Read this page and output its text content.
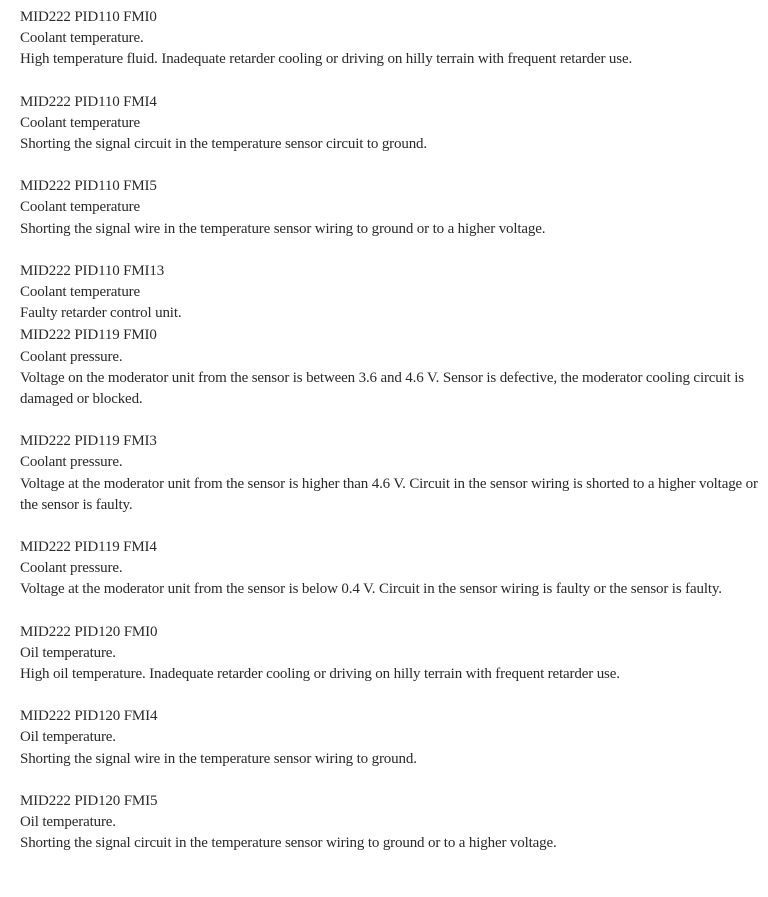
MID222 PID110 FMI0
Coolant temperature.
High temperature fluid. Inadequate retarder cooling or driving on hilly terrain with frequent retarder use.
MID222 PID110 FMI4
Coolant temperature
Shorting the signal circuit in the temperature sensor circuit to ground.
MID222 PID110 FMI5
Coolant temperature
Shorting the signal wire in the temperature sensor wiring to ground or to a higher voltage.
MID222 PID110 FMI13
Coolant temperature
Faulty retarder control unit.
MID222 PID119 FMI0
Coolant pressure.
Voltage on the moderator unit from the sensor is between 3.6 and 4.6 V. Sensor is defective, the moderator cooling circuit is damaged or blocked.
MID222 PID119 FMI3
Coolant pressure.
Voltage at the moderator unit from the sensor is higher than 4.6 V. Circuit in the sensor wiring is shorted to a higher voltage or the sensor is faulty.
MID222 PID119 FMI4
Coolant pressure.
Voltage at the moderator unit from the sensor is below 0.4 V. Circuit in the sensor wiring is faulty or the sensor is faulty.
MID222 PID120 FMI0
Oil temperature.
High oil temperature. Inadequate retarder cooling or driving on hilly terrain with frequent retarder use.
MID222 PID120 FMI4
Oil temperature.
Shorting the signal wire in the temperature sensor wiring to ground.
MID222 PID120 FMI5
Oil temperature.
Shorting the signal circuit in the temperature sensor wiring to ground or to a higher voltage.
